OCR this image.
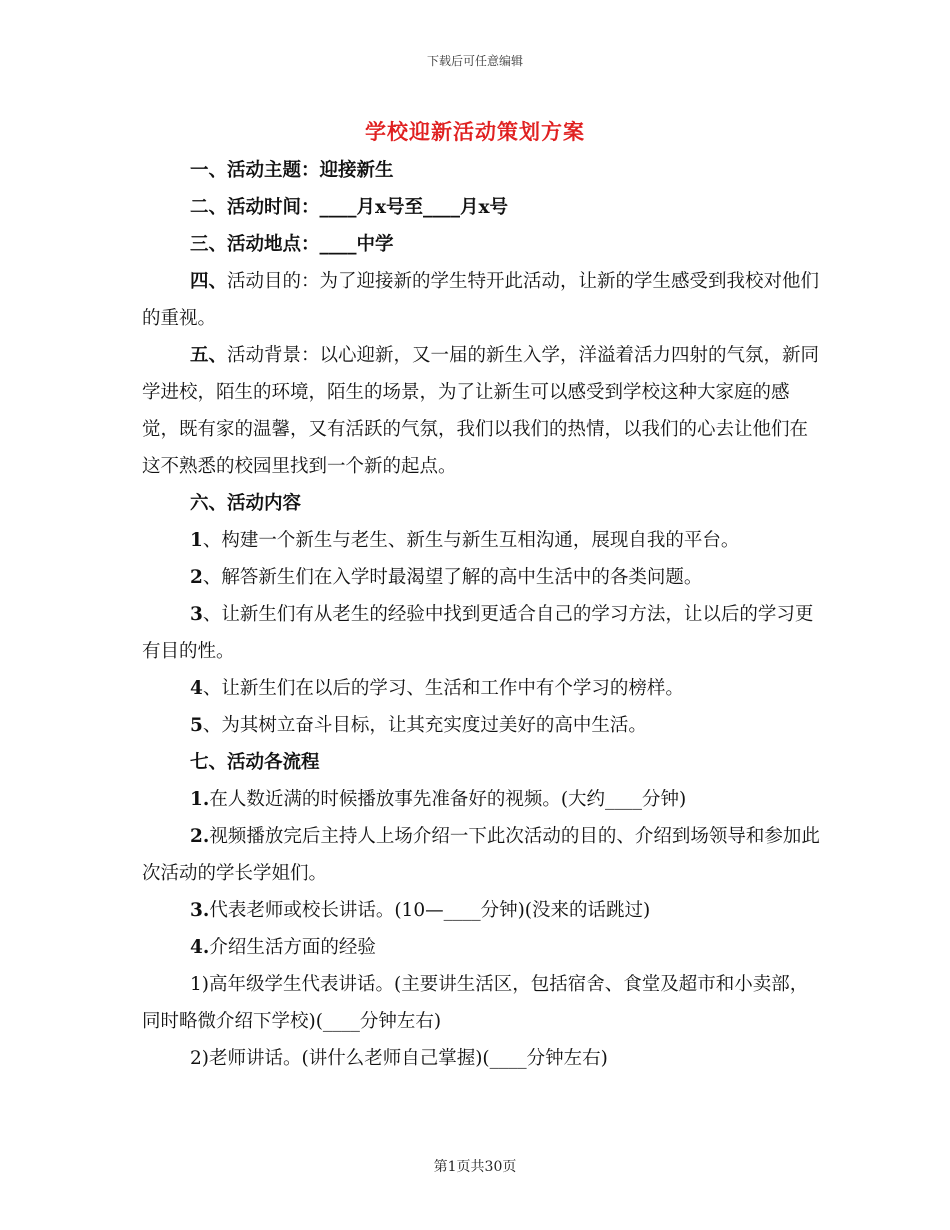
下载后可任意编辑
学校迎新活动策划方案

一、活动主题：迎接新生

二、活动时间：____月x号至____月x号

三、活动地点：____中学

四、活动目的：为了迎接新的学生特开此活动，让新的学生感受到我校对他们的重视。

五、活动背景：以心迎新，又一届的新生入学，洋溢着活力四射的气氛，新同学进校，陌生的环境，陌生的场景，为了让新生可以感受到学校这种大家庭的感觉，既有家的温馨，又有活跃的气氛，我们以我们的热情，以我们的心去让他们在这不熟悉的校园里找到一个新的起点。

六、活动内容

1、构建一个新生与老生、新生与新生互相沟通，展现自我的平台。

2、解答新生们在入学时最渴望了解的高中生活中的各类问题。

3、让新生们有从老生的经验中找到更适合自己的学习方法，让以后的学习更有目的性。

4、让新生们在以后的学习、生活和工作中有个学习的榜样。

5、为其树立奋斗目标，让其充实度过美好的高中生活。

七、活动各流程

1.在人数近满的时候播放事先准备好的视频。(大约____分钟)

2.视频播放完后主持人上场介绍一下此次活动的目的、介绍到场领导和参加此次活动的学长学姐们。

3.代表老师或校长讲话。(10—____分钟)(没来的话跳过)

4.介绍生活方面的经验

1)高年级学生代表讲话。(主要讲生活区，包括宿舍、食堂及超市和小卖部，同时略微介绍下学校)(____分钟左右)

2)老师讲话。(讲什么老师自己掌握)(____分钟左右)

第1页共30页
